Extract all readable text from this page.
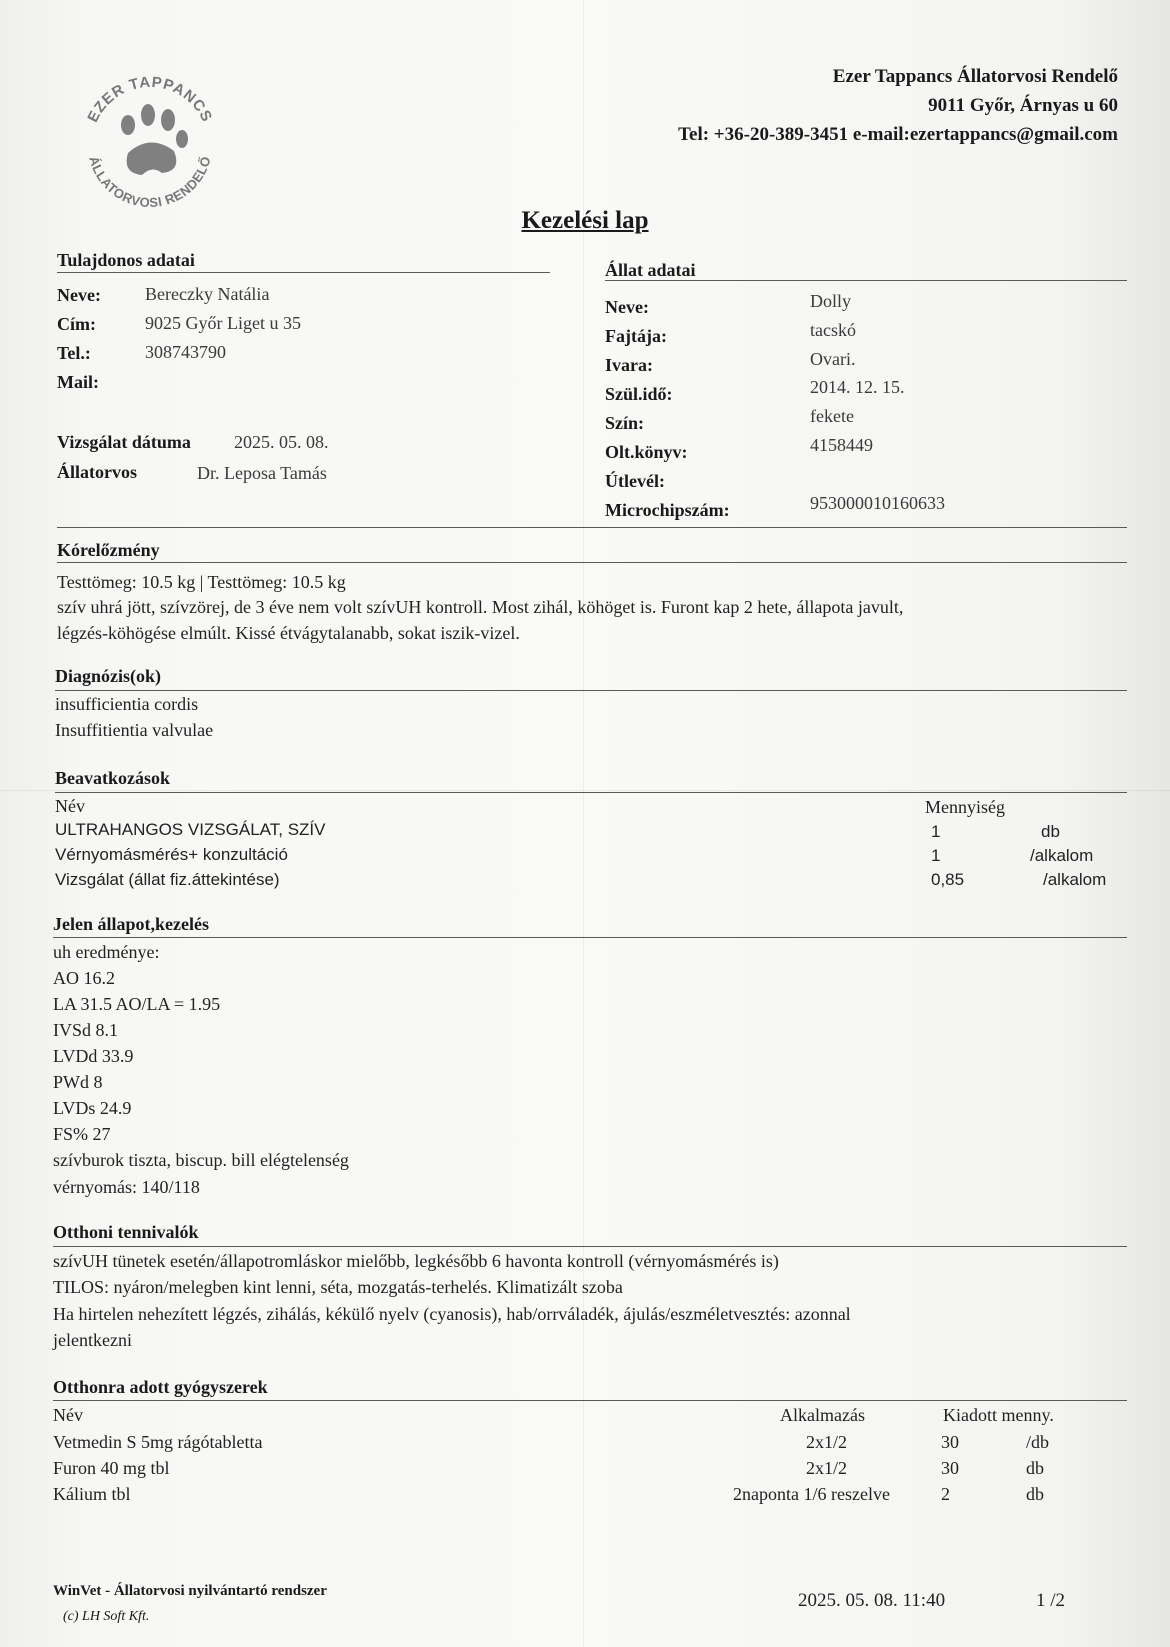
EZER TAPPANCS
ÁLLATORVOSI RENDELŐ
Ezer Tappancs Állatorvosi Rendelő
9011 Győr, Árnyas u 60
Tel: +36-20-389-3451 e-mail:ezertappancs@gmail.com
Kezelési lap
Tulajdonos adatai
Neve: Bereczky Natália
Cím:	9025 Győr Liget u 35
Tel.:	308743790
Mail:
Vizsgálat dátuma 2025. 05. 08.
Állatorvos	Dr. Leposa Tamás
Állat adatai
Neve:	Dolly
Fajtája:	tacskó
Ivara:	Ovari.
Szül.idő:	2014. 12. 15.
Szín:	fekete
Olt.könyv:	4158449
Útlevél:
Microchipszám:	953000010160633
Kórelőzmény
Testtömeg: 10.5 kg | Testtömeg: 10.5 kg
szív uhrá jött, szívzörej, de 3 éve nem volt szívUH kontroll. Most zihál, köhöget is. Furont kap 2 hete, állapota javult,
légzés-köhögése elmúlt. Kissé étvágytalanabb, sokat iszik-vizel.
Diagnózis(ok)
insufficientia cordis
Insuffitientia valvulae
Beavatkozások
Név	Mennyiség
ULTRAHANGOS VIZSGÁLAT, SZÍV	1	db
Vérnyomásmérés+ konzultáció	1	/alkalom
Vizsgálat (állat fiz.áttekintése)	0,85	/alkalom
Jelen állapot,kezelés
uh eredménye:
AO 16.2
LA 31.5 AO/LA = 1.95
IVSd 8.1
LVDd 33.9
PWd 8
LVDs 24.9
FS% 27
szívburok tiszta, biscup. bill elégtelenség
vérnyomás: 140/118
Otthoni tennivalók
szívUH tünetek esetén/állapotromláskor mielőbb, legkésőbb 6 havonta kontroll (vérnyomásmérés is)
TILOS: nyáron/melegben kint lenni, séta, mozgatás-terhelés. Klimatizált szoba
Ha hirtelen nehezített légzés, zihálás, kékülő nyelv (cyanosis), hab/orrváladék, ájulás/eszméletvesztés: azonnal
jelentkezni
Otthonra adott gyógyszerek
Név	Alkalmazás	Kiadott menny.
Vetmedin S 5mg rágótabletta	2x1/2	30	/db
Furon 40 mg tbl	2x1/2	30	db
Kálium tbl	2naponta 1/6 reszelve	2	db
WinVet - Állatorvosi nyilvántartó rendszer
(c) LH Soft Kft.
2025. 05. 08. 11:40	1 /2
